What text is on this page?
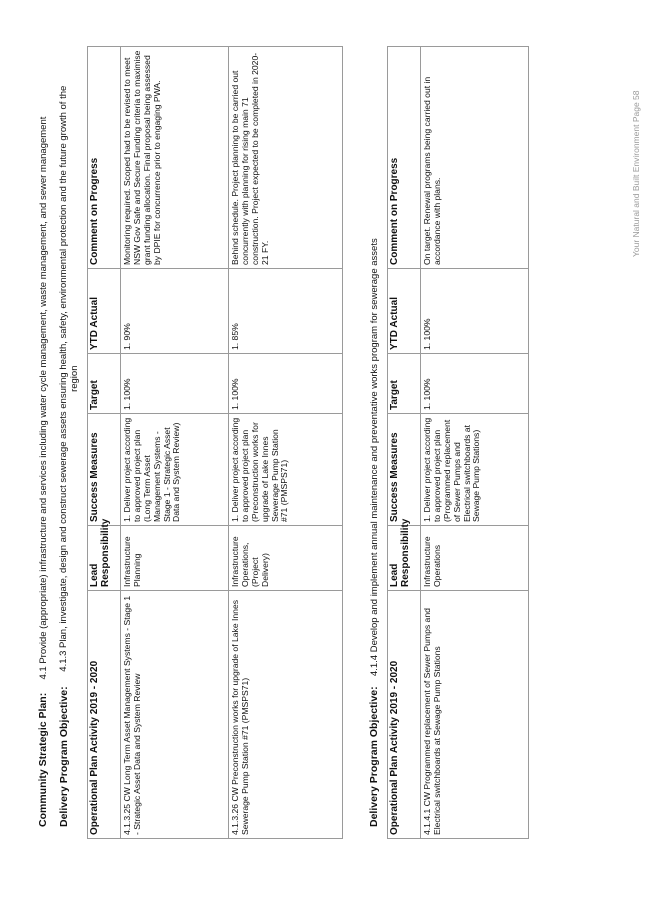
Community Strategic Plan:  4.1 Provide (appropriate) infrastructure and services including water cycle management, waste management, and sewer management
Delivery Program Objective: 4.1.3 Plan, investigate, design and construct sewerage assets ensuring health, safety, environmental protection and the future growth of the region
Operational Plan Activity 2019 - 2020	Lead Responsibility	Success Measures	Target	YTD Actual	Comment on Progress
4.1.3.25 CW Long Term Asset Management Systems - Stage 1 - Strategic Asset Data and System Review	Infrastructure Planning	1. Deliver project according to approved project plan (Long Term Asset Management Systems - Stage 1 - Strategic Asset Data and System Review)	1. 100%	1. 90%	Monitoring required. Scoped had to be revised to meet NSW Gov Safe and Secure Funding criteria to maximise grant funding allocation. Final proposal being assessed by DPIE for concurrence prior to engaging PWA.
4.1.3.26 CW Preconstruction works for upgrade of Lake Innes Sewerage Pump Station #71 (PMSPS71)	Infrastructure Operations, (Project Delivery)	1. Deliver project according to approved project plan (Preconstruction works for upgrade of Lake Innes Sewerage Pump Station #71 (PMSPS71)	1. 100%	1. 85%	Behind schedule. Project planning to be carried out concurrently with planning for rising main 71 construction. Project expected to be completed in 2020-21 FY.
Delivery Program Objective:  4.1.4 Develop and implement annual maintenance and preventative works program for sewerage assets
Operational Plan Activity 2019 - 2020	Lead Responsibility	Success Measures	Target	YTD Actual	Comment on Progress
4.1.4.1 CW Programmed replacement of Sewer Pumps and Electrical switchboards at Sewage Pump Stations	Infrastructure Operations	1. Deliver project according to approved project plan (Programmed replacement of Sewer Pumps and Electrical switchboards at Sewage Pump Stations)	1. 100%	1. 100%	On target. Renewal programs being carried out in accordance with plans.	Your Natural and Built Environment Page 58
